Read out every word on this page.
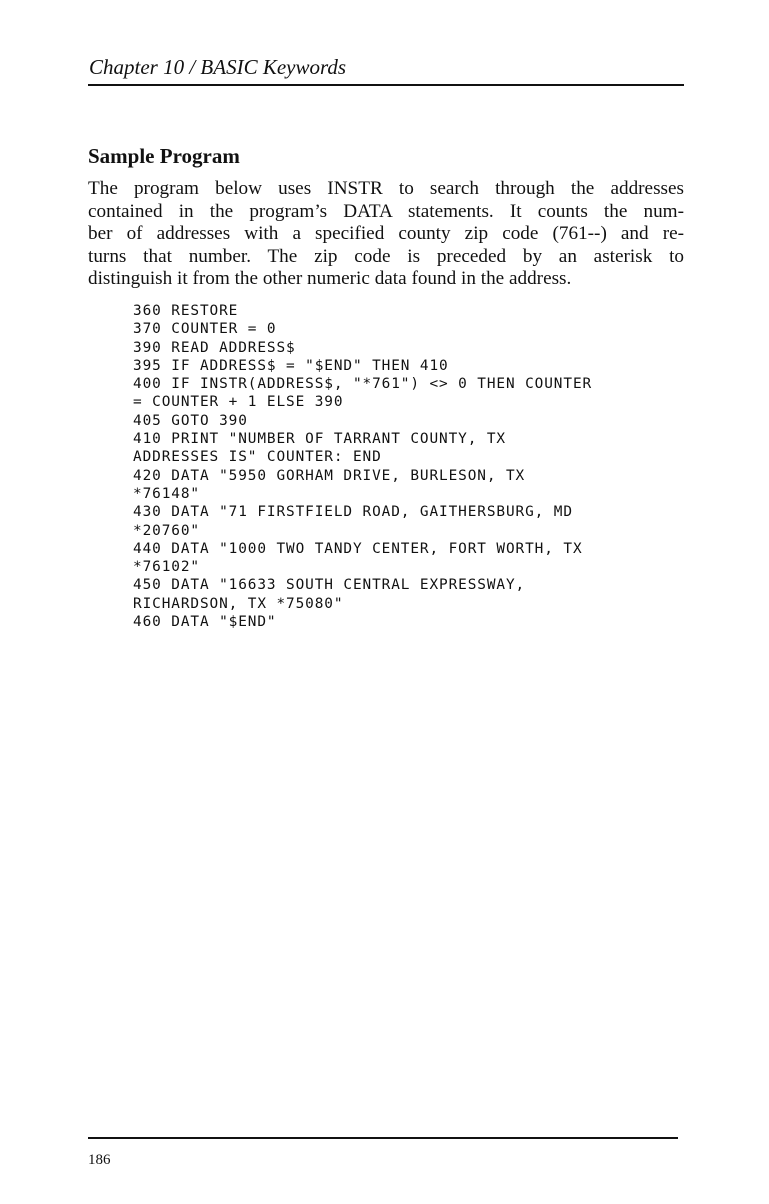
Chapter 10 / BASIC Keywords
Sample Program
The program below uses INSTR to search through the addresses
contained in the program’s DATA statements. It counts the num-
ber of addresses with a specified county zip code (761--) and re-
turns that number. The zip code is preceded by an asterisk to
distinguish it from the other numeric data found in the address.
360 RESTORE
370 COUNTER = 0
390 READ ADDRESS$
395 IF ADDRESS$ = "$END" THEN 410
400 IF INSTR(ADDRESS$, "*761") <> 0 THEN COUNTER
= COUNTER + 1 ELSE 390
405 GOTO 390
410 PRINT "NUMBER OF TARRANT COUNTY, TX
ADDRESSES IS" COUNTER: END
420 DATA "5950 GORHAM DRIVE, BURLESON, TX
*76148"
430 DATA "71 FIRSTFIELD ROAD, GAITHERSBURG, MD
*20760"
440 DATA "1000 TWO TANDY CENTER, FORT WORTH, TX
*76102"
450 DATA "16633 SOUTH CENTRAL EXPRESSWAY,
RICHARDSON, TX *75080"
460 DATA "$END"
186
